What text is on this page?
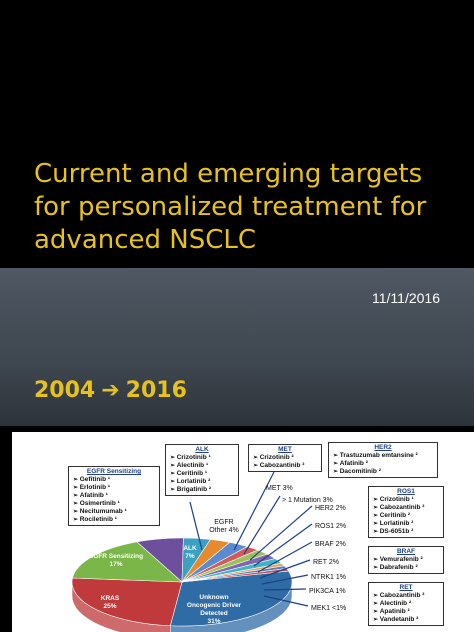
Current and emerging targets for personalized treatment for advanced NSCLC
11/11/2016
2004 ➔ 2016
EGFR Sensitizing
17%
ALK
7%
KRAS
25%
Unknown
Oncogenic Driver
Detected
31%
EGFR
Other 4%
MET 3%
> 1 Mutation 3%
HER2 2%
ROS1 2%
BRAF 2%
RET 2%
NTRK1 1%
PIK3CA 1%
MEK1 <1%
EGFR Sensitizing
➢ Gefitinib ¹
➢ Erlotinib ¹
➢ Afatinib ¹
➢ Osimertinib ¹
➢ Necitumumab ¹
➢ Rociletinib ¹
ALK
➢ Crizotinib ¹
➢ Alectinib ¹
➢ Ceritinib ¹
➢ Lorlatinib ²
➢ Brigatinib ²
MET
➢ Crizotinib ²
➢ Cabozantinib ²
HER2
➢ Trastuzumab emtansine ²
➢ Afatinib ²
➢ Dacomitinib ²
ROS1
➢ Crizotinib ¹
➢ Cabozantinib ²
➢ Ceritinib ²
➢ Lorlatinib ²
➢ DS-6051b ²
BRAF
➢ Vemurafenib ²
➢ Dabrafenib ²
RET
➢ Cabozantinib ²
➢ Alectinib ²
➢ Apatinib ²
➢ Vandetanib ²
